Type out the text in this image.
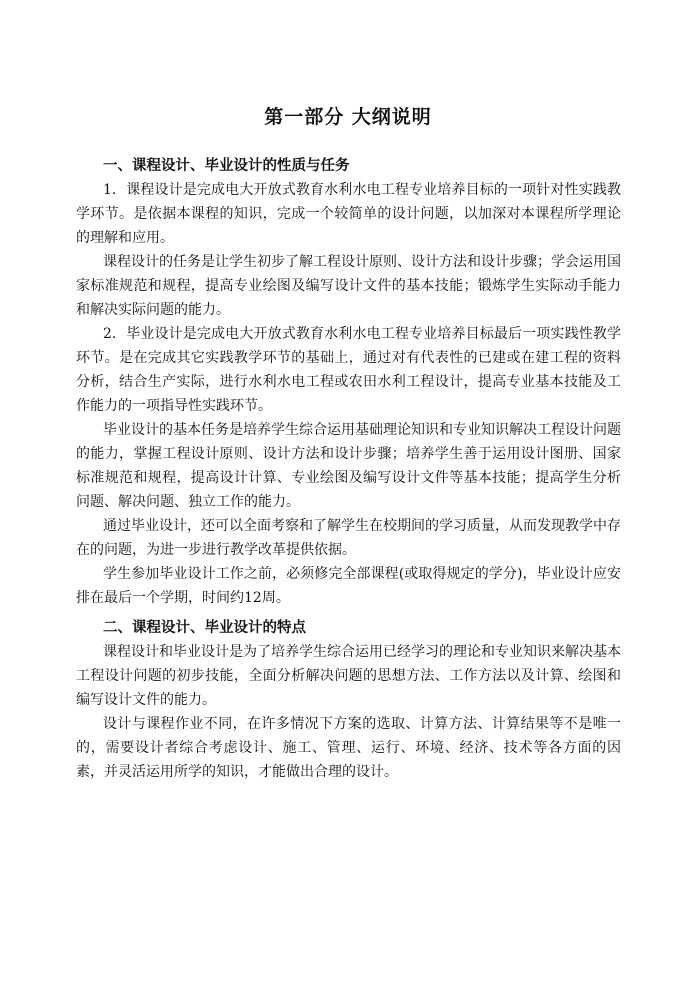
第一部分 大纲说明
一、课程设计、毕业设计的性质与任务

1．课程设计是完成电大开放式教育水利水电工程专业培养目标的一项针对性实践教学环节。是依据本课程的知识，完成一个较简单的设计问题，以加深对本课程所学理论的理解和应用。

课程设计的任务是让学生初步了解工程设计原则、设计方法和设计步骤；学会运用国家标准规范和规程，提高专业绘图及编写设计文件的基本技能；锻炼学生实际动手能力和解决实际问题的能力。

2．毕业设计是完成电大开放式教育水利水电工程专业培养目标最后一项实践性教学环节。是在完成其它实践教学环节的基础上，通过对有代表性的已建或在建工程的资料分析，结合生产实际，进行水利水电工程或农田水利工程设计，提高专业基本技能及工作能力的一项指导性实践环节。

毕业设计的基本任务是培养学生综合运用基础理论知识和专业知识解决工程设计问题的能力，掌握工程设计原则、设计方法和设计步骤；培养学生善于运用设计图册、国家标准规范和规程，提高设计计算、专业绘图及编写设计文件等基本技能；提高学生分析问题、解决问题、独立工作的能力。

通过毕业设计，还可以全面考察和了解学生在校期间的学习质量，从而发现教学中存在的问题，为进一步进行教学改革提供依据。

学生参加毕业设计工作之前，必须修完全部课程(或取得规定的学分)，毕业设计应安排在最后一个学期，时间约12周。

二、课程设计、毕业设计的特点

课程设计和毕业设计是为了培养学生综合运用已经学习的理论和专业知识来解决基本工程设计问题的初步技能，全面分析解决问题的思想方法、工作方法以及计算、绘图和编写设计文件的能力。

设计与课程作业不同，在许多情况下方案的选取、计算方法、计算结果等不是唯一的，需要设计者综合考虑设计、施工、管理、运行、环境、经济、技术等各方面的因素，并灵活运用所学的知识，才能做出合理的设计。
